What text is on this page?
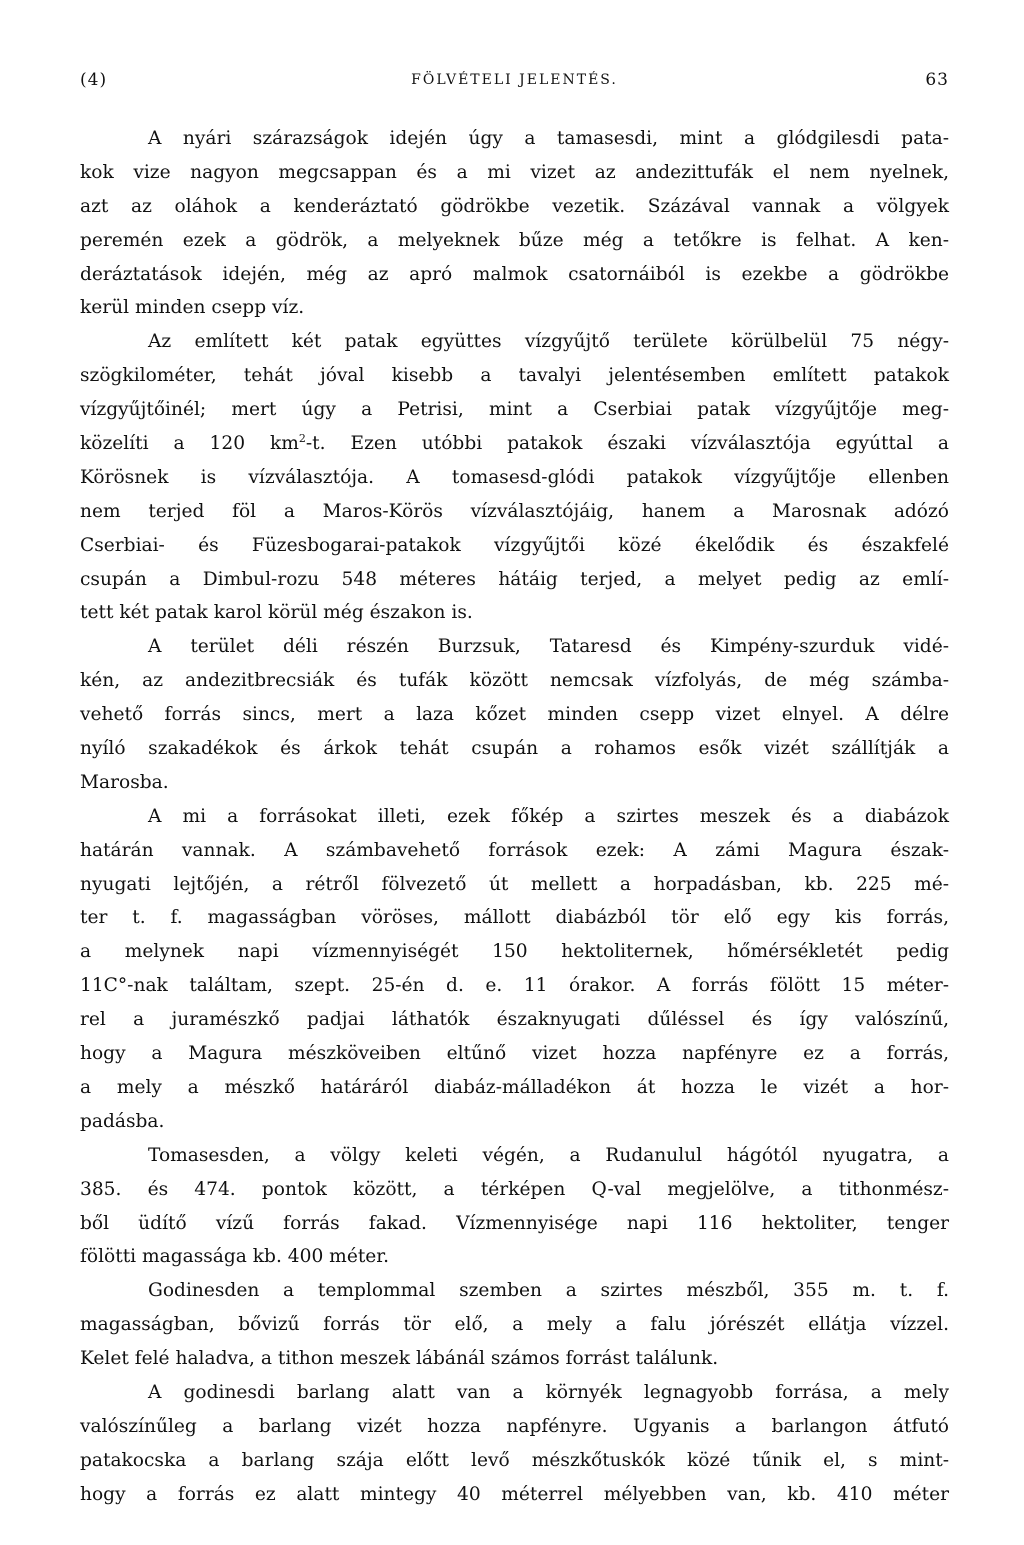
(4)	FÖLVÉTELI JELENTÉS.	63
A nyári szárazságok idején úgy a tamasesdi, mint a glódgilesdi pata-
kok vize nagyon megcsappan és a mi vizet az andezittufák el nem nyelnek,
azt az oláhok a kenderáztató gödrökbe vezetik. Százával vannak a völgyek
peremén ezek a gödrök, a melyeknek bűze még a tetőkre is felhat. A ken-
deráztatások idején, még az apró malmok csatornáiból is ezekbe a gödrökbe
kerül minden csepp víz.
Az említett két patak együttes vízgyűjtő területe körülbelül 75 négy-
szögkilométer, tehát jóval kisebb a tavalyi jelentésemben említett patakok
vízgyűjtőinél; mert úgy a Petrisi, mint a Cserbiai patak vízgyűjtője meg-
közelíti a 120 $km^2-t$. Ezen utóbbi patakok északi vízválasztója egyúttal a
Körösnek is vízválasztója. A tomasesd-glódi patakok vízgyűjtője ellenben
nem terjed föl a Maros-Körös vízválasztójáig, hanem a Marosnak adózó
Cserbiai- és Füzesbogarai-patakok vízgyűjtői közé ékelődik és északfelé
csupán a Dimbul-rozu 548 méteres hátáig terjed, a melyet pedig az emlí-
tett két patak karol körül még északon is.
A terület déli részén Burzsuk, Tataresd és Kimpény-szurduk vidé-
kén, az andezitbrecsiák és tufák között nemcsak vízfolyás, de még számba-
vehető forrás sincs, mert a laza kőzet minden csepp vizet elnyel. A délre
nyíló szakadékok és árkok tehát csupán a rohamos esők vizét szállítják a
Marosba.
A mi a forrásokat illeti, ezek főkép a szirtes meszek és a diabázok
határán vannak. A számbavehető források ezek: A zámi Magura észak-
nyugati lejtőjén, a rétről fölvezető út mellett a horpadásban, kb. 225 mé-
ter t. f. magasságban vöröses, mállott diabázból tör elő egy kis forrás,
a melynek napi vízmennyiségét 150 hektoliternek, hőmérsékletét pedig
11C°-nak találtam, szept. 25-én d. e. 11 órakor. A forrás fölött 15 méter-
rel a juramészkő padjai láthatók északnyugati dűléssel és így valószínű,
hogy a Magura mészköveiben eltűnő vizet hozza napfényre ez a forrás,
a mely a mészkő határáról diabáz-málladékon át hozza le vizét a hor-
padásba.
Tomasesden, a völgy keleti végén, a Rudanulul hágótól nyugatra, a
385. és 474. pontok között, a térképen Q-val megjelölve, a tithonmész-
ből üdítő vízű forrás fakad. Vízmennyisége napi 116 hektoliter, tenger
fölötti magassága kb. 400 méter.
Godinesden a templommal szemben a szirtes mészből, 355 m. t. f.
magasságban, bővizű forrás tör elő, a mely a falu jórészét ellátja vízzel.
Kelet felé haladva, a tithon meszek lábánál számos forrást találunk.
A godinesdi barlang alatt van a környék legnagyobb forrása, a mely
valószínűleg a barlang vizét hozza napfényre. Ugyanis a barlangon átfutó
patakocska a barlang szája előtt levő mészkőtuskók közé tűnik el, s mint-
hogy a forrás ez alatt mintegy 40 méterrel mélyebben van, kb. 410 méter
